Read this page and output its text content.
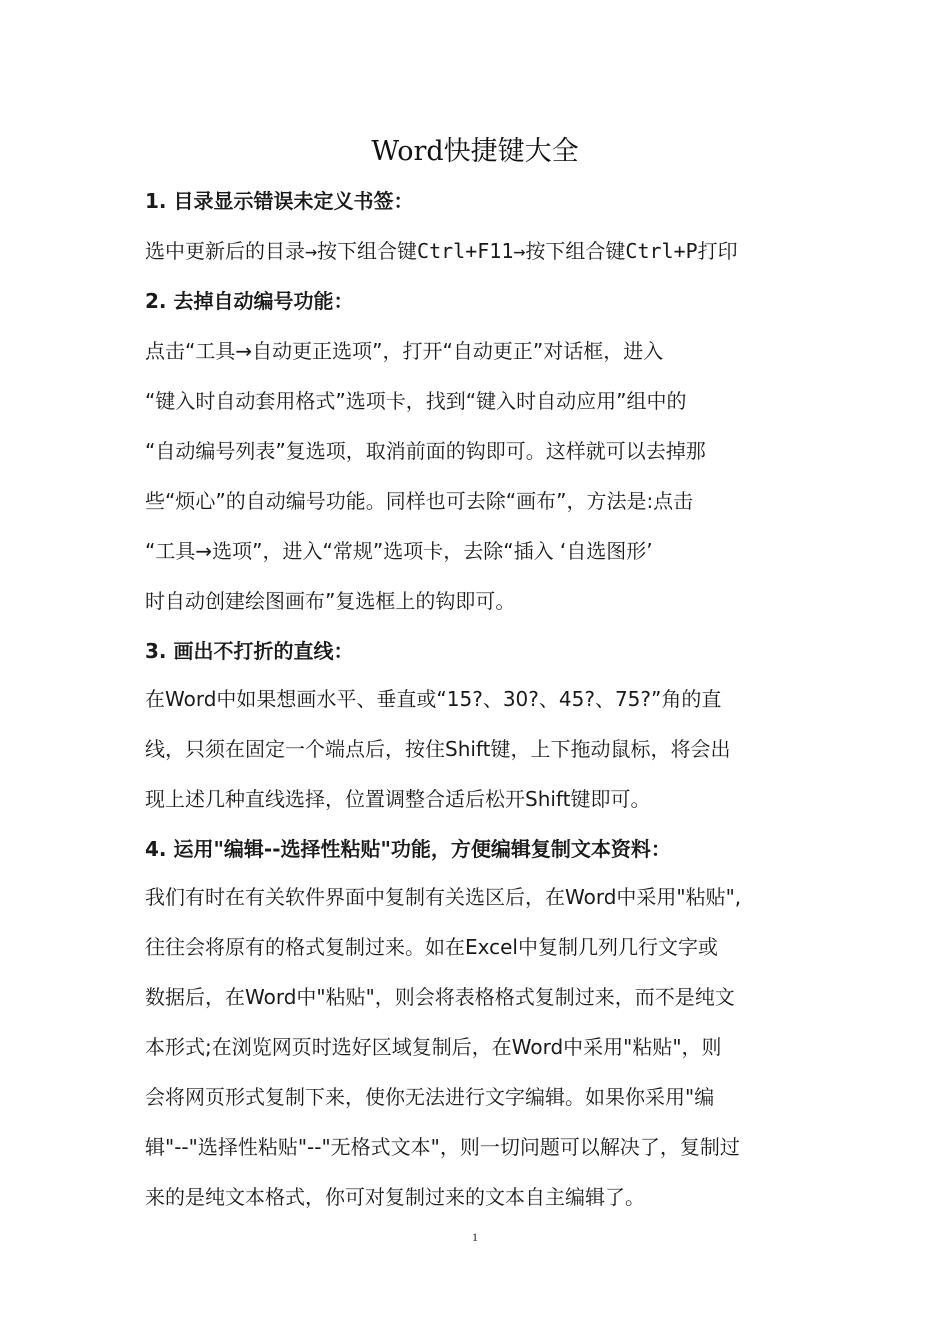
Word快捷键大全
1. 目录显示错误未定义书签：
选中更新后的目录→按下组合键Ctrl+F11→按下组合键Ctrl+P打印
2. 去掉自动编号功能：
点击“工具→自动更正选项”，打开“自动更正”对话框，进入
“键入时自动套用格式”选项卡，找到“键入时自动应用”组中的
“自动编号列表”复选项，取消前面的钩即可。这样就可以去掉那
些“烦心”的自动编号功能。同样也可去除“画布”，方法是:点击
“工具→选项”，进入“常规”选项卡，去除“插入 ‘自选图形’
时自动创建绘图画布”复选框上的钩即可。
3. 画出不打折的直线：
在Word中如果想画水平、垂直或“15?、30?、45?、75?”角的直
线，只须在固定一个端点后，按住Shift键，上下拖动鼠标，将会出
现上述几种直线选择，位置调整合适后松开Shift键即可。
4. 运用"编辑--选择性粘贴"功能，方便编辑复制文本资料：
我们有时在有关软件界面中复制有关选区后，在Word中采用"粘贴",
往往会将原有的格式复制过来。如在Excel中复制几列几行文字或
数据后，在Word中"粘贴"，则会将表格格式复制过来，而不是纯文
本形式;在浏览网页时选好区域复制后，在Word中采用"粘贴"，则
会将网页形式复制下来，使你无法进行文字编辑。如果你采用"编
辑"--"选择性粘贴"--"无格式文本"，则一切问题可以解决了，复制过
来的是纯文本格式，你可对复制过来的文本自主编辑了。
1
